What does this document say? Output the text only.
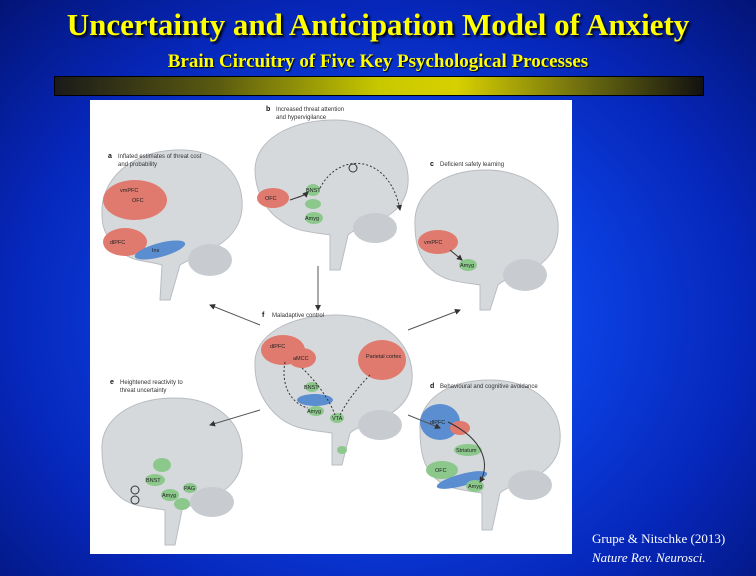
Uncertainty and Anticipation Model of Anxiety
Brain Circuitry of Five Key Psychological Processes
vmPFC
OFC
dlPFC
Ins
a Inflated estimates of threat cost
and probability
OFC
BNST
Amyg
b Increased threat attention
and hypervigilance
vmPFC
Amyg
c Deficient safety learning
dlPFC
aMCC	Parietal cortex
BNST
Amyg
VTA
f Maladaptive control
BNST
Amyg
PAG
e Heightened reactivity to
threat uncertainty
dlPFC
Striatum
OFC
Amyg
d Behavioural and cognitive avoidance
Grupe & Nitschke (2013)
Nature Rev. Neurosci.
